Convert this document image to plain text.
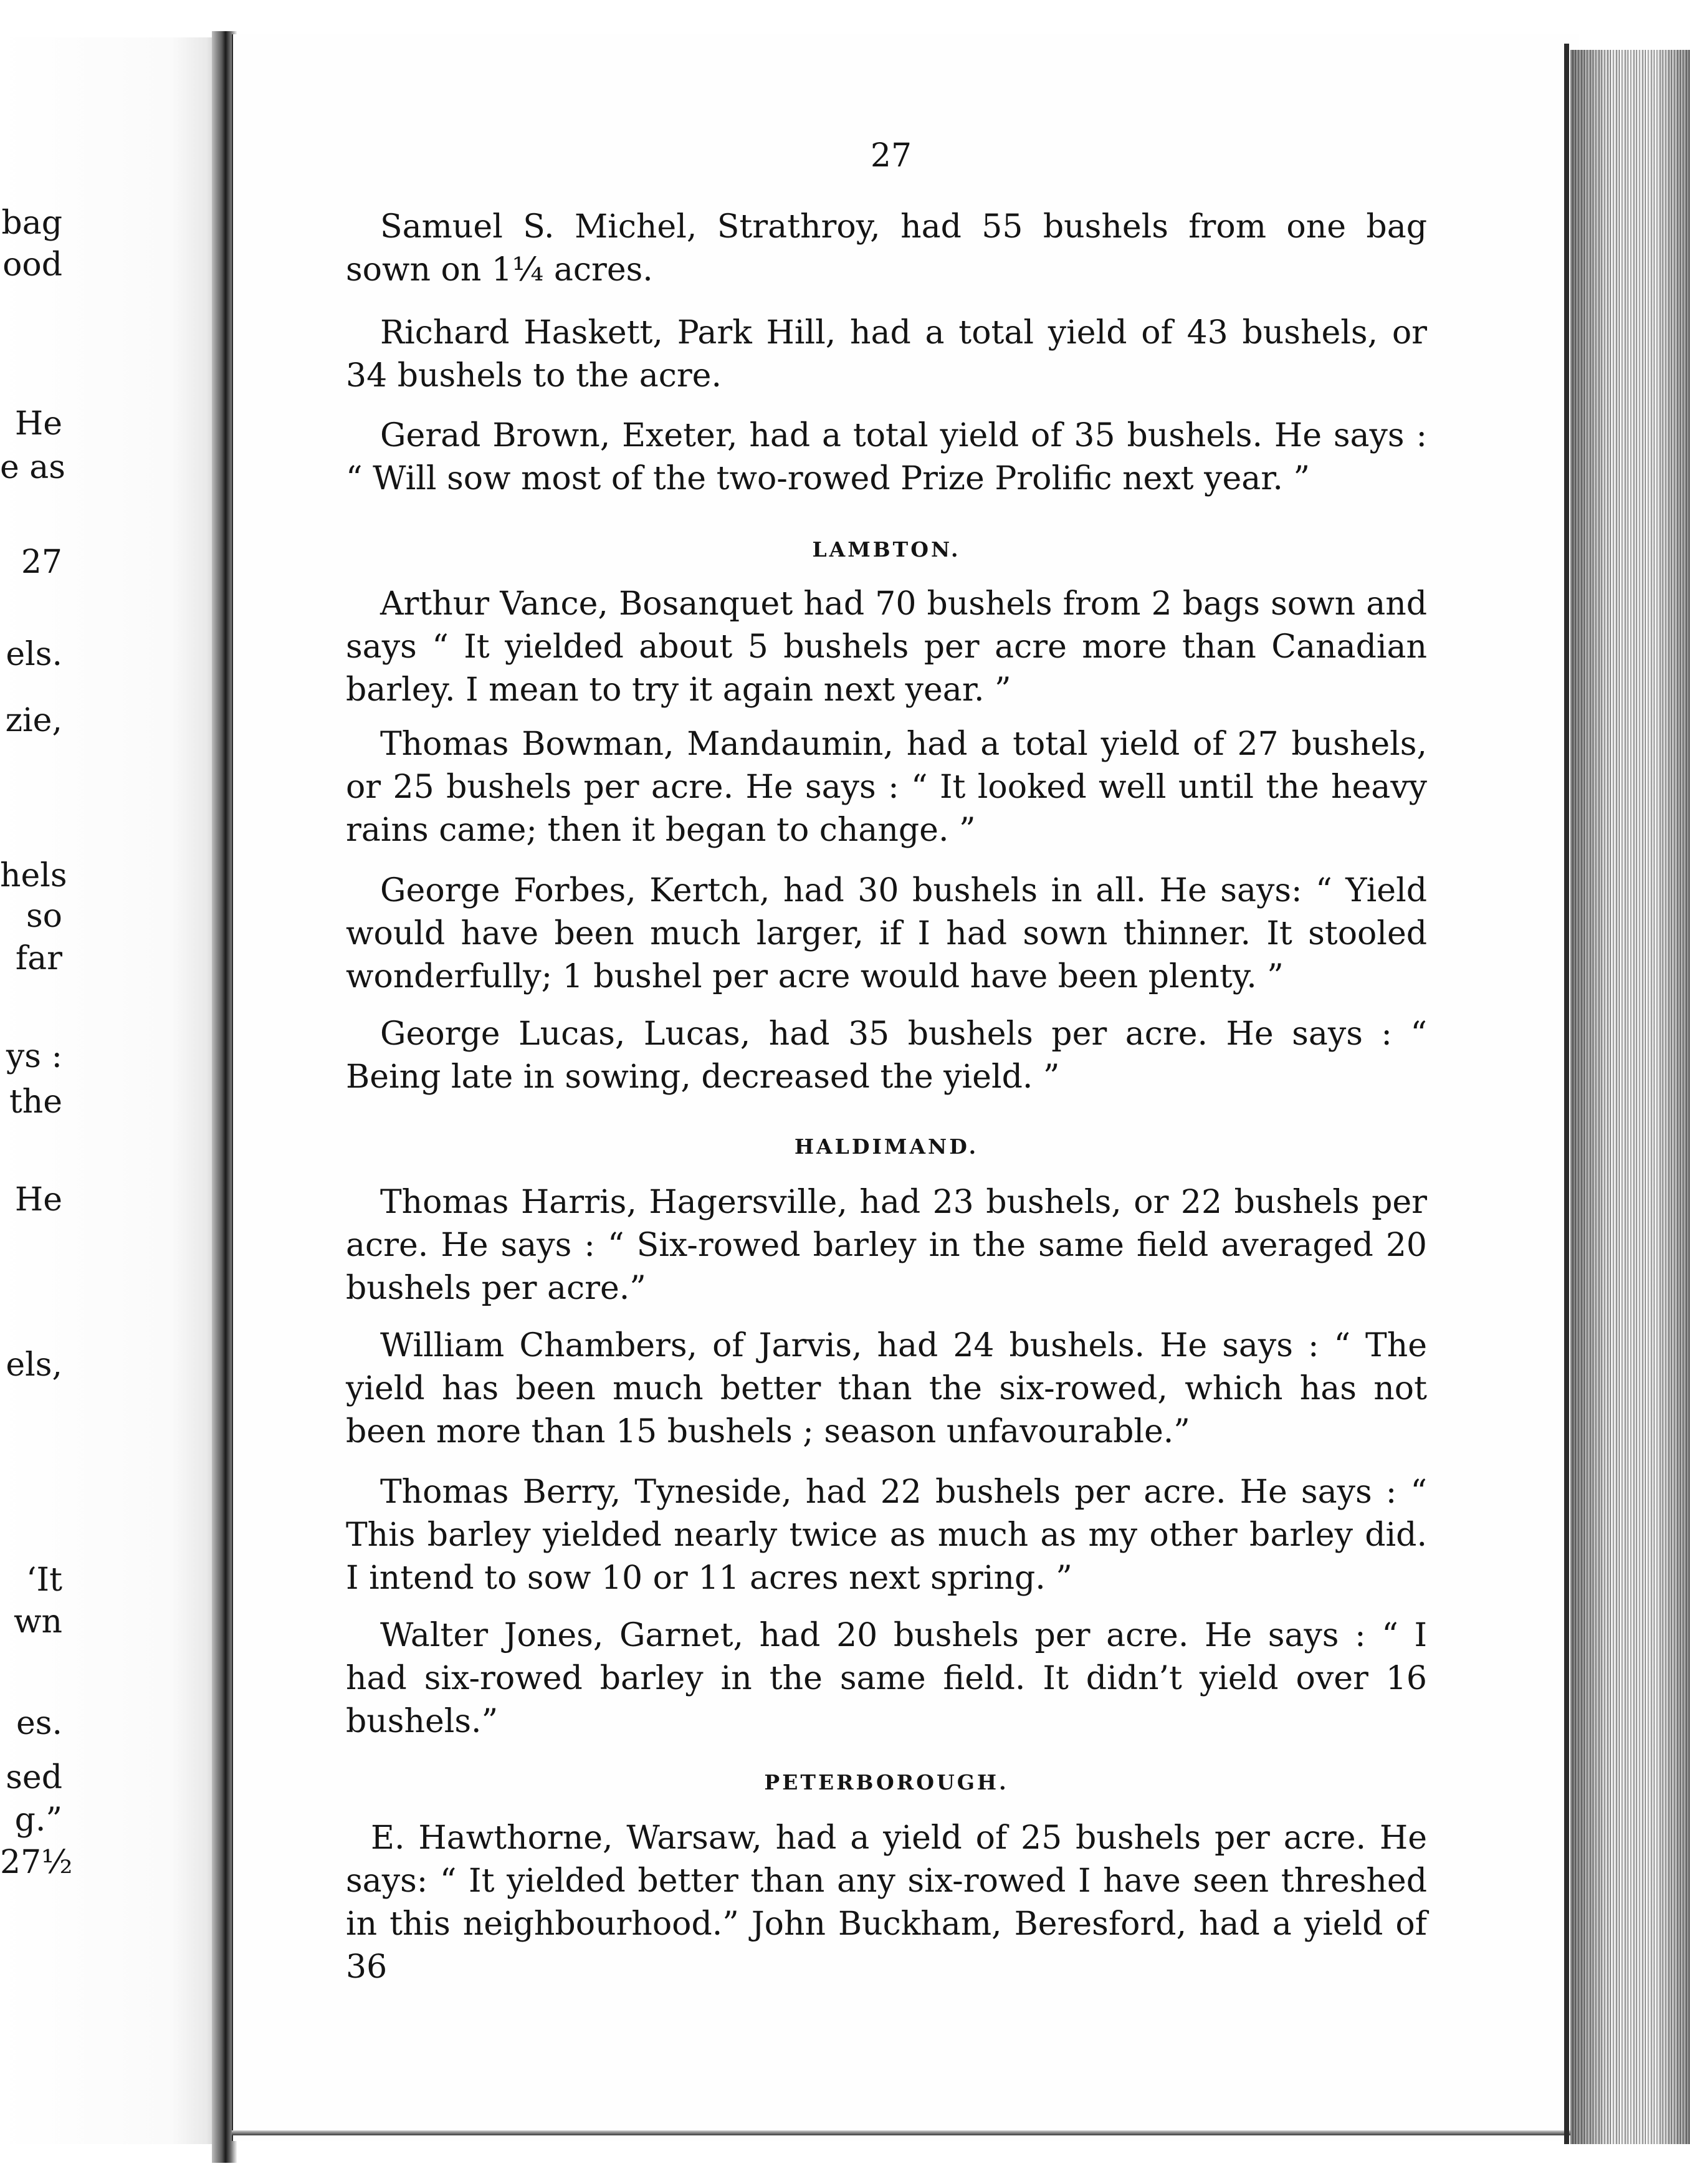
bag
ood
He
e as
27
els.
zie,
hels
so
far
ys :
the
He
els,
‘It
wn
es.
sed
g.”
27½
27

Samuel S. Michel, Strathroy, had 55 bushels from one bag sown on 1¼ acres.

Richard Haskett, Park Hill, had a total yield of 43 bushels, or 34 bushels to the acre.

Gerad Brown, Exeter, had a total yield of 35 bushels. He says : “ Will sow most of the two-rowed Prize Prolific next year. ”

LAMBTON.

Arthur Vance, Bosanquet had 70 bushels from 2 bags sown and says “ It yielded about 5 bushels per acre more than Canadian barley. I mean to try it again next year. ”

Thomas Bowman, Mandaumin, had a total yield of 27 bushels, or 25 bushels per acre. He says : “ It looked well until the heavy rains came; then it began to change. ”

George Forbes, Kertch, had 30 bushels in all. He says: “ Yield would have been much larger, if I had sown thinner. It stooled wonderfully; 1 bushel per acre would have been plenty. ”

George Lucas, Lucas, had 35 bushels per acre. He says : “ Being late in sowing, decreased the yield. ”

HALDIMAND.

Thomas Harris, Hagersville, had 23 bushels, or 22 bushels per acre. He says : “ Six-rowed barley in the same field averaged 20 bushels per acre.”

William Chambers, of Jarvis, had 24 bushels. He says : “ The yield has been much better than the six-rowed, which has not been more than 15 bushels ; season unfavourable.”

Thomas Berry, Tyneside, had 22 bushels per acre. He says : “ This barley yielded nearly twice as much as my other barley did. I intend to sow 10 or 11 acres next spring. ”

Walter Jones, Garnet, had 20 bushels per acre. He says : “ I had six-rowed barley in the same field. It didn’t yield over 16 bushels.”

PETERBOROUGH.

E. Hawthorne, Warsaw, had a yield of 25 bushels per acre. He says: “ It yielded better than any six-rowed I have seen threshed in this neighbourhood.” John Buckham, Beresford, had a yield of 36
